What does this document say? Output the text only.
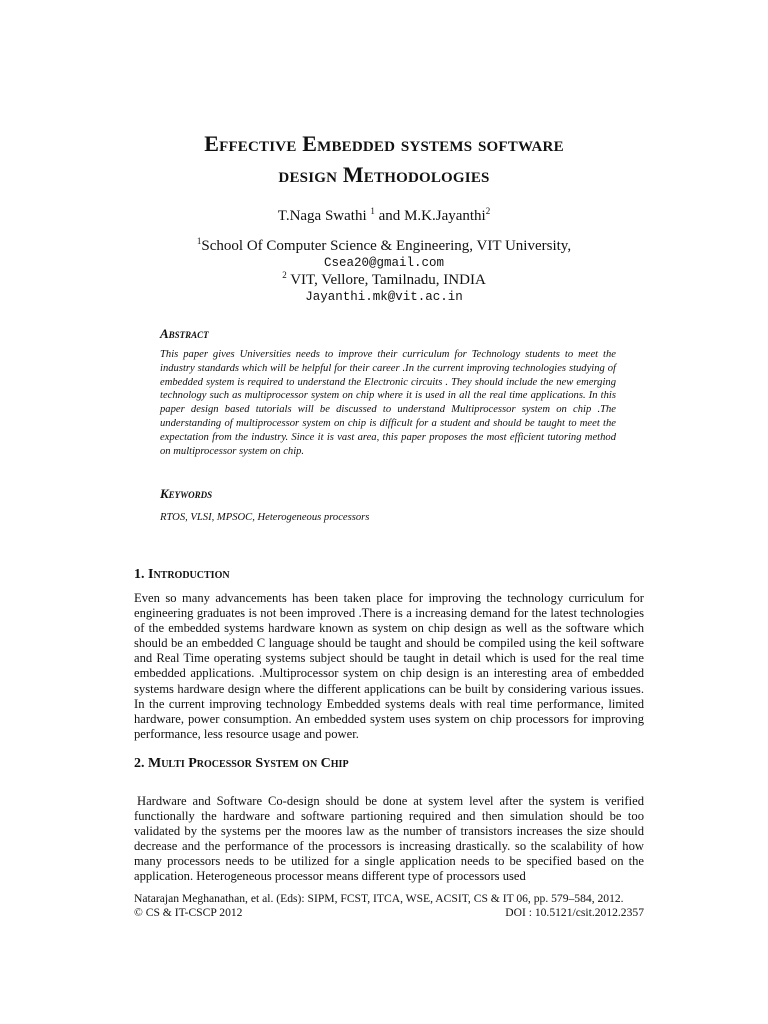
Effective Embedded systems software
design Methodologies
T.Naga Swathi $^1$ and M.K.Jayanthi$^2$
$^1$School Of Computer Science & Engineering, VIT University,
Csea20@gmail.com
$^2$ VIT, Vellore, Tamilnadu, INDIA
Jayanthi.mk@vit.ac.in
Abstract
This paper gives Universities needs to improve their curriculum for Technology students to meet the industry standards which will be helpful for their career .In the current improving technologies studying of embedded system is required to understand the Electronic circuits . They should include the new emerging technology such as multiprocessor system on chip where it is used in all the real time applications. In this paper design based tutorials will be discussed to understand Multiprocessor system on chip .The understanding of multiprocessor system on chip is difficult for a student and should be taught to meet the expectation from the industry. Since it is vast area, this paper proposes the most efficient tutoring method on multiprocessor system on chip.
Keywords
RTOS, VLSI, MPSOC, Heterogeneous processors
1. Introduction
Even so many advancements has been taken place for improving the technology curriculum for engineering graduates is not been improved .There is a increasing demand for the latest technologies of the embedded systems hardware known as system on chip design as well as the software which should be an embedded C language should be taught and should be compiled using the keil software and Real Time operating systems subject should be taught in detail which is used for the real time embedded applications. .Multiprocessor system on chip design is an interesting area of embedded systems hardware design where the different applications can be built by considering various issues. In the current improving technology Embedded systems deals with real time performance, limited hardware, power consumption. An embedded system uses system on chip processors for improving performance, less resource usage and power.
2. Multi Processor System on Chip
Hardware and Software Co-design should be done at system level after the system is verified functionally the hardware and software partioning required and then simulation should be too validated by the systems per the moores law as the number of transistors increases the size should decrease and the performance of the processors is increasing drastically. so the scalability of how many processors needs to be utilized for a single application needs to be specified based on the application. Heterogeneous processor means different type of processors used
Natarajan Meghanathan, et al. (Eds): SIPM, FCST, ITCA, WSE, ACSIT, CS & IT 06, pp. 579–584, 2012.
© CS & IT-CSCP 2012	DOI : 10.5121/csit.2012.2357
